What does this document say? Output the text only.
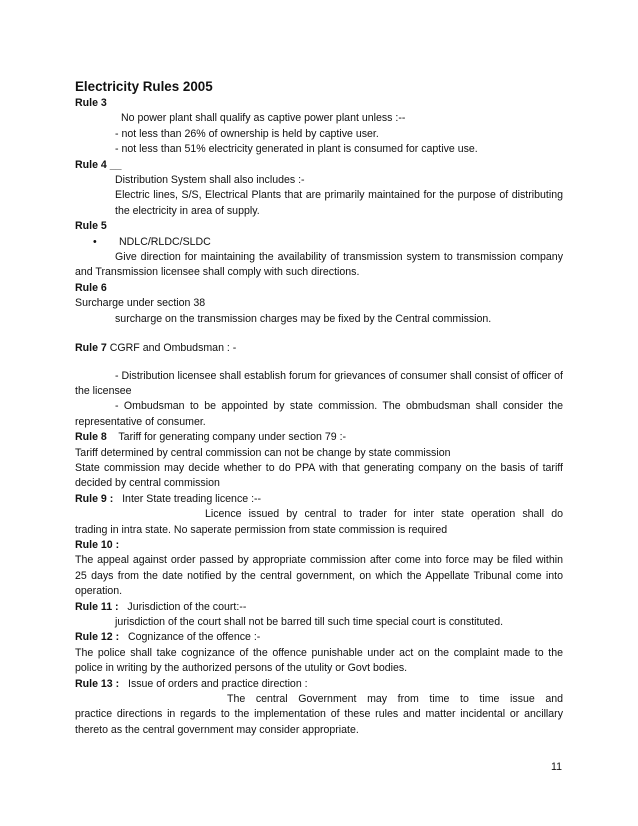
Electricity Rules 2005
Rule 3
No power plant shall qualify as captive power plant unless :--
- not less than 26% of ownership is held by captive user.
- not less than 51% electricity generated in plant is consumed for captive use.
Rule 4 __
Distribution System shall also includes :-
Electric lines, S/S, Electrical Plants that are primarily maintained for the purpose of distributing the electricity in area of supply.
Rule 5
• NDLC/RLDC/SLDC
Give direction for maintaining the availability of transmission system to transmission company and Transmission licensee shall comply with such directions.
Rule 6
Surcharge under section 38
surcharge on the transmission charges may be fixed by the Central commission.
Rule 7 CGRF and Ombudsman : -
- Distribution licensee shall establish forum for grievances of consumer shall consist of officer of the licensee
- Ombudsman to be appointed by state commission. The obmbudsman shall consider the representative of consumer.
Rule 8 Tariff for generating company under section 79 :-
Tariff determined by central commission can not be change by state commission
State commission may decide whether to do PPA with that generating company on the basis of tariff decided by central commission
Rule 9 : Inter State treading licence :--
Licence issued by central to trader for inter state operation shall do
trading in intra state. No saperate permission from state commission is required
Rule 10 :
The appeal against order passed by appropriate commission after come into force may be filed within 25 days from the date notified by the central government, on which the Appellate Tribunal come into operation.
Rule 11 : Jurisdiction of the court:--
jurisdiction of the court shall not be barred till such time special court is constituted.
Rule 12 : Cognizance of the offence :-
The police shall take cognizance of the offence punishable under act on the complaint made to the police in writing by the authorized persons of the utulity or Govt bodies.
Rule 13 : Issue of orders and practice direction :
The central Government may from time to time issue and
practice directions in regards to the implementation of these rules and matter incidental or ancillary thereto as the central government may consider appropriate.
11
